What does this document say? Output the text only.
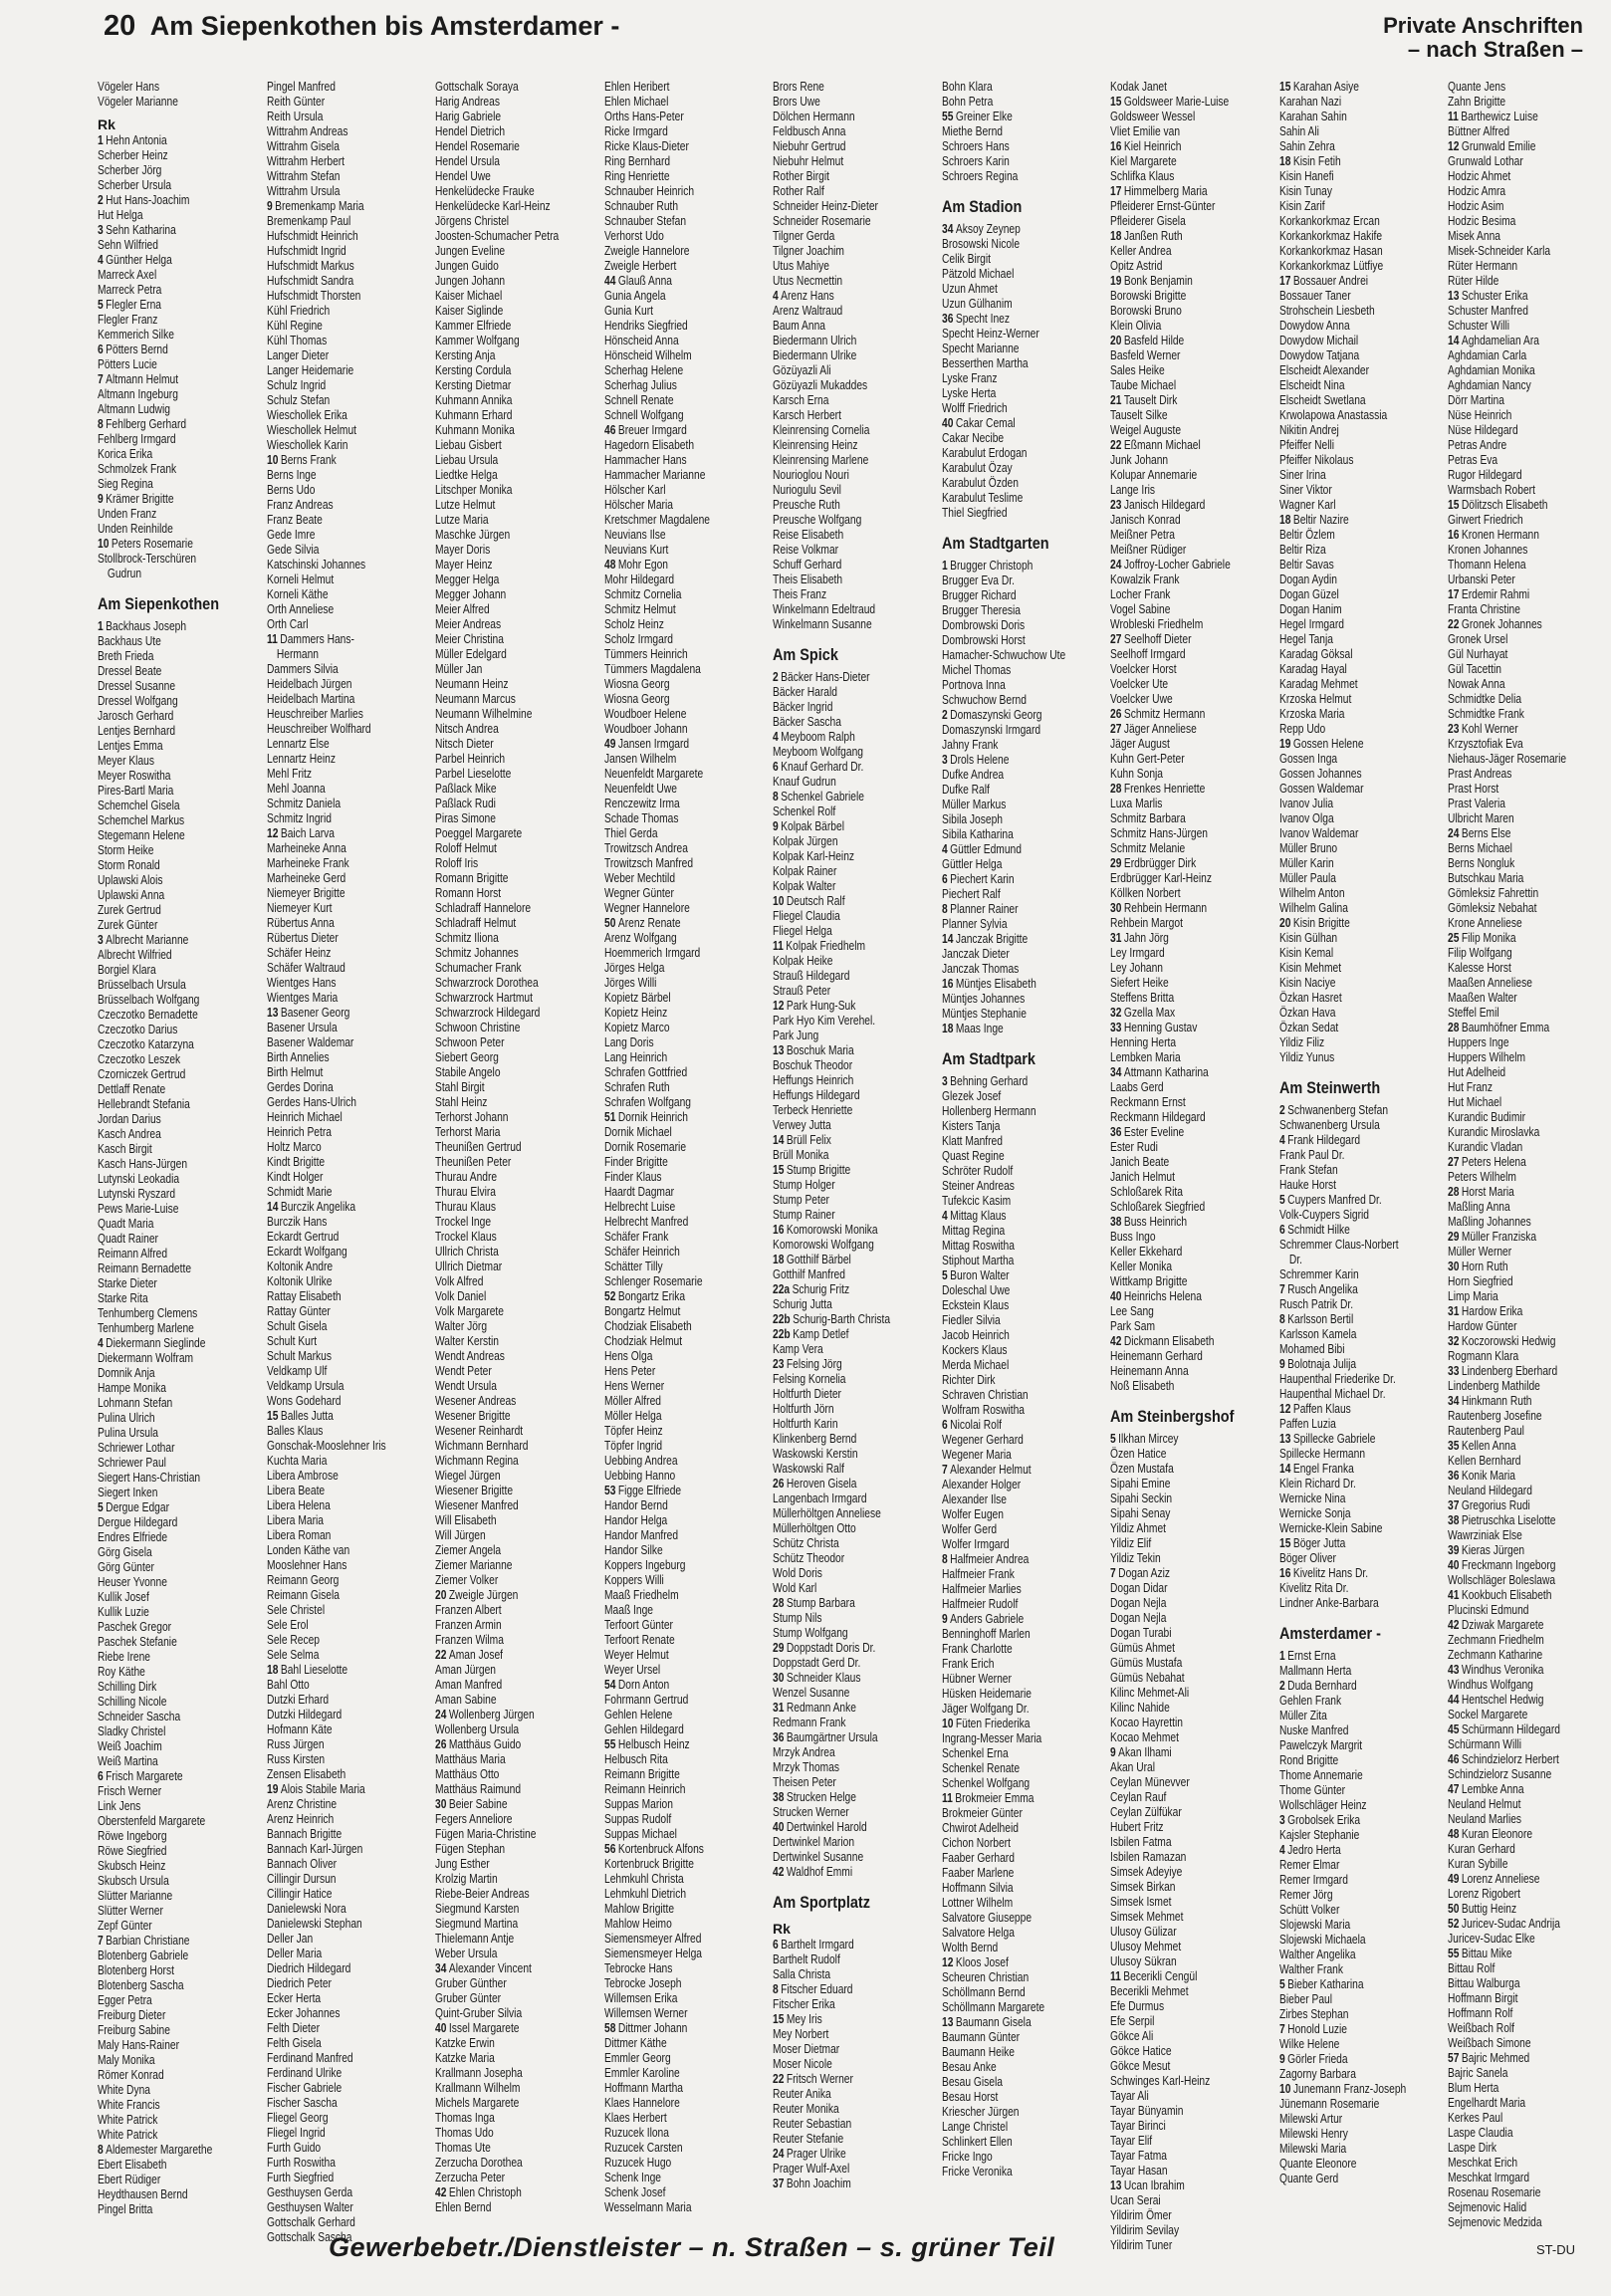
20 Am Siepenkothen bis Amsterdamer -	Private Anschriften
– nach Straßen –
Vögeler Hans
Vögeler Marianne
Rk
1 Hehn Antonia
Scherber Heinz
Scherber Jörg
Scherber Ursula
2 Hut Hans-Joachim
Hut Helga
3 Sehn Katharina
Sehn Wilfried
4 Günther Helga
Marreck Axel
Marreck Petra
5 Flegler Erna
Flegler Franz
Kemmerich Silke
6 Pötters Bernd
Pötters Lucie
7 Altmann Helmut
Altmann Ingeburg
Altmann Ludwig
8 Fehlberg Gerhard
Fehlberg Irmgard
Korica Erika
Schmolzek Frank
Sieg Regina
9 Krämer Brigitte
Unden Franz
Unden Reinhilde
10 Peters Rosemarie
Stollbrock-Terschüren
Gudrun
Am Siepenkothen
1 Backhaus Joseph
Backhaus Ute
Breth Frieda
Dressel Beate
Dressel Susanne
Dressel Wolfgang
Jarosch Gerhard
Lentjes Bernhard
Lentjes Emma
Meyer Klaus
Meyer Roswitha
Pires-Bartl Maria
Schemchel Gisela
Schemchel Markus
Stegemann Helene
Storm Heike
Storm Ronald
Uplawski Alois
Uplawski Anna
Zurek Gertrud
Zurek Günter
3 Albrecht Marianne
Albrecht Wilfried
Borgiel Klara
Brüsselbach Ursula
Brüsselbach Wolfgang
Czeczotko Bernadette
Czeczotko Darius
Czeczotko Katarzyna
Czeczotko Leszek
Czorniczek Gertrud
Dettlaff Renate
Hellebrandt Stefania
Jordan Darius
Kasch Andrea
Kasch Birgit
Kasch Hans-Jürgen
Lutynski Leokadia
Lutynski Ryszard
Pews Marie-Luise
Quadt Maria
Quadt Rainer
Reimann Alfred
Reimann Bernadette
Starke Dieter
Starke Rita
Tenhumberg Clemens
Tenhumberg Marlene
4 Diekermann Sieglinde
Diekermann Wolfram
Domnik Anja
Hampe Monika
Lohmann Stefan
Pulina Ulrich
Pulina Ursula
Schriewer Lothar
Schriewer Paul
Siegert Hans-Christian
Siegert Inken
5 Dergue Edgar
Dergue Hildegard
Endres Elfriede
Görg Gisela
Görg Günter
Heuser Yvonne
Kullik Josef
Kullik Luzie
Paschek Gregor
Paschek Stefanie
Riebe Irene
Roy Käthe
Schilling Dirk
Schilling Nicole
Schneider Sascha
Sladky Christel
Weiß Joachim
Weiß Martina
6 Frisch Margarete
Frisch Werner
Link Jens
Oberstenfeld Margarete
Röwe Ingeborg
Röwe Siegfried
Skubsch Heinz
Skubsch Ursula
Slütter Marianne
Slütter Werner
Zepf Günter
7 Barbian Christiane
Blotenberg Gabriele
Blotenberg Horst
Blotenberg Sascha
Egger Petra
Freiburg Dieter
Freiburg Sabine
Maly Hans-Rainer
Maly Monika
Römer Konrad
White Dyna
White Francis
White Patrick
White Patrick
8 Aldemester Margarethe
Ebert Elisabeth
Ebert Rüdiger
Heydthausen Bernd
Pingel Britta
Pingel Manfred
Reith Günter
Reith Ursula
Wittrahm Andreas
Wittrahm Gisela
Wittrahm Herbert
Wittrahm Stefan
Wittrahm Ursula
9 Bremenkamp Maria
Bremenkamp Paul
Hufschmidt Heinrich
Hufschmidt Ingrid
Hufschmidt Markus
Hufschmidt Sandra
Hufschmidt Thorsten
Kühl Friedrich
Kühl Regine
Kühl Thomas
Langer Dieter
Langer Heidemarie
Schulz Ingrid
Schulz Stefan
Wieschollek Erika
Wieschollek Helmut
Wieschollek Karin
10 Berns Frank
Berns Inge
Berns Udo
Franz Andreas
Franz Beate
Gede Imre
Gede Silvia
Katschinski Johannes
Korneli Helmut
Korneli Käthe
Orth Anneliese
Orth Carl
11 Dammers Hans-
Hermann
Dammers Silvia
Heidelbach Jürgen
Heidelbach Martina
Heuschreiber Marlies
Heuschreiber Wolfhard
Lennartz Else
Lennartz Heinz
Mehl Fritz
Mehl Joanna
Schmitz Daniela
Schmitz Ingrid
12 Baich Larva
Marheineke Anna
Marheineke Frank
Marheineke Gerd
Niemeyer Brigitte
Niemeyer Kurt
Rübertus Anna
Rübertus Dieter
Schäfer Heinz
Schäfer Waltraud
Wientges Hans
Wientges Maria
13 Basener Georg
Basener Ursula
Basener Waldemar
Birth Annelies
Birth Helmut
Gerdes Dorina
Gerdes Hans-Ulrich
Heinrich Michael
Heinrich Petra
Holtz Marco
Kindt Brigitte
Kindt Holger
Schmidt Marie
14 Burczik Angelika
Burczik Hans
Eckardt Gertrud
Eckardt Wolfgang
Koltonik Andre
Koltonik Ulrike
Rattay Elisabeth
Rattay Günter
Schult Gisela
Schult Kurt
Schult Markus
Veldkamp Ulf
Veldkamp Ursula
Wons Godehard
15 Balles Jutta
Balles Klaus
Gonschak-Mooslehner Iris
Kuchta Maria
Libera Ambrose
Libera Beate
Libera Helena
Libera Maria
Libera Roman
Londen Käthe van
Mooslehner Hans
Reimann Georg
Reimann Gisela
Sele Christel
Sele Erol
Sele Recep
Sele Selma
18 Bahl Lieselotte
Bahl Otto
Dutzki Erhard
Dutzki Hildegard
Hofmann Käte
Russ Jürgen
Russ Kirsten
Zensen Elisabeth
19 Alois Stabile Maria
Arenz Christine
Arenz Heinrich
Bannach Brigitte
Bannach Karl-Jürgen
Bannach Oliver
Cillingir Dursun
Cillingir Hatice
Danielewski Nora
Danielewski Stephan
Deller Jan
Deller Maria
Diedrich Hildegard
Diedrich Peter
Ecker Herta
Ecker Johannes
Felth Dieter
Felth Gisela
Ferdinand Manfred
Ferdinand Ulrike
Fischer Gabriele
Fischer Sascha
Fliegel Georg
Fliegel Ingrid
Furth Guido
Furth Roswitha
Furth Siegfried
Gesthuysen Gerda
Gesthuysen Walter
Gottschalk Gerhard
Gottschalk Sascha
Gottschalk Soraya
Harig Andreas
Harig Gabriele
Hendel Dietrich
Hendel Rosemarie
Hendel Ursula
Hendel Uwe
Henkelüdecke Frauke
Henkelüdecke Karl-Heinz
Jörgens Christel
Joosten-Schumacher Petra
Jungen Eveline
Jungen Guido
Jungen Johann
Kaiser Michael
Kaiser Siglinde
Kammer Elfriede
Kammer Wolfgang
Kersting Anja
Kersting Cordula
Kersting Dietmar
Kuhmann Annika
Kuhmann Erhard
Kuhmann Monika
Liebau Gisbert
Liebau Ursula
Liedtke Helga
Litschper Monika
Lutze Helmut
Lutze Maria
Maschke Jürgen
Mayer Doris
Mayer Heinz
Megger Helga
Megger Johann
Meier Alfred
Meier Andreas
Meier Christina
Müller Edelgard
Müller Jan
Neumann Heinz
Neumann Marcus
Neumann Wilhelmine
Nitsch Andrea
Nitsch Dieter
Parbel Heinrich
Parbel Lieselotte
Paßlack Mike
Paßlack Rudi
Piras Simone
Poeggel Margarete
Roloff Helmut
Roloff Iris
Romann Brigitte
Romann Horst
Schladraff Hannelore
Schladraff Helmut
Schmitz Iliona
Schmitz Johannes
Schumacher Frank
Schwarzrock Dorothea
Schwarzrock Hartmut
Schwarzrock Hildegard
Schwoon Christine
Schwoon Peter
Siebert Georg
Stabile Angelo
Stahl Birgit
Stahl Heinz
Terhorst Johann
Terhorst Maria
Theunißen Gertrud
Theunißen Peter
Thurau Andre
Thurau Elvira
Thurau Klaus
Trockel Inge
Trockel Klaus
Ullrich Christa
Ullrich Dietmar
Volk Alfred
Volk Daniel
Volk Margarete
Walter Jörg
Walter Kerstin
Wendt Andreas
Wendt Peter
Wendt Ursula
Wesener Andreas
Wesener Brigitte
Wesener Reinhardt
Wichmann Bernhard
Wichmann Regina
Wiegel Jürgen
Wiesener Brigitte
Wiesener Manfred
Will Elisabeth
Will Jürgen
Ziemer Angela
Ziemer Marianne
Ziemer Volker
20 Zweigle Jürgen
Franzen Albert
Franzen Armin
Franzen Wilma
22 Aman Josef
Aman Jürgen
Aman Manfred
Aman Sabine
24 Wollenberg Jürgen
Wollenberg Ursula
26 Matthäus Guido
Matthäus Maria
Matthäus Otto
Matthäus Raimund
30 Beier Sabine
Fegers Anneliore
Fügen Maria-Christine
Fügen Stephan
Jung Esther
Krolzig Martin
Riebe-Beier Andreas
Siegmund Karsten
Siegmund Martina
Thielemann Antje
Weber Ursula
34 Alexander Vincent
Gruber Günther
Gruber Günter
Quint-Gruber Silvia
40 Issel Margarete
Katzke Erwin
Katzke Maria
Krallmann Josepha
Krallmann Wilhelm
Michels Margarete
Thomas Inga
Thomas Udo
Thomas Ute
Zerzucha Dorothea
Zerzucha Peter
42 Ehlen Christoph
Ehlen Bernd
Ehlen Heribert
Ehlen Michael
Orths Hans-Peter
Ricke Irmgard
Ricke Klaus-Dieter
Ring Bernhard
Ring Henriette
Schnauber Heinrich
Schnauber Ruth
Schnauber Stefan
Verhorst Udo
Zweigle Hannelore
Zweigle Herbert
44 Glauß Anna
Gunia Angela
Gunia Kurt
Hendriks Siegfried
Hönscheid Anna
Hönscheid Wilhelm
Scherhag Helene
Scherhag Julius
Schnell Renate
Schnell Wolfgang
46 Breuer Irmgard
Hagedorn Elisabeth
Hammacher Hans
Hammacher Marianne
Hölscher Karl
Hölscher Maria
Kretschmer Magdalene
Neuvians Ilse
Neuvians Kurt
48 Mohr Egon
Mohr Hildegard
Schmitz Cornelia
Schmitz Helmut
Scholz Heinz
Scholz Irmgard
Tümmers Heinrich
Tümmers Magdalena
Wiosna Georg
Wiosna Georg
Woudboer Helene
Woudboer Johann
49 Jansen Irmgard
Jansen Wilhelm
Neuenfeldt Margarete
Neuenfeldt Uwe
Renczewitz Irma
Schade Thomas
Thiel Gerda
Trowitzsch Andrea
Trowitzsch Manfred
Weber Mechtild
Wegner Günter
Wegner Hannelore
50 Arenz Renate
Arenz Wolfgang
Hoemmerich Irmgard
Jörges Helga
Jörges Willi
Kopietz Bärbel
Kopietz Heinz
Kopietz Marco
Lang Doris
Lang Heinrich
Schrafen Gottfried
Schrafen Ruth
Schrafen Wolfgang
51 Dornik Heinrich
Dornik Michael
Dornik Rosemarie
Finder Brigitte
Finder Klaus
Haardt Dagmar
Helbrecht Luise
Helbrecht Manfred
Schäfer Frank
Schäfer Heinrich
Schätter Tilly
Schlenger Rosemarie
52 Bongartz Erika
Bongartz Helmut
Chodziak Elisabeth
Chodziak Helmut
Hens Olga
Hens Peter
Hens Werner
Möller Alfred
Möller Helga
Töpfer Heinz
Töpfer Ingrid
Uebbing Andrea
Uebbing Hanno
53 Figge Elfriede
Handor Bernd
Handor Helga
Handor Manfred
Handor Silke
Koppers Ingeburg
Koppers Willi
Maaß Friedhelm
Maaß Inge
Terfoort Günter
Terfoort Renate
Weyer Helmut
Weyer Ursel
54 Dorn Anton
Fohrmann Gertrud
Gehlen Helene
Gehlen Hildegard
55 Helbusch Heinz
Helbusch Rita
Reimann Brigitte
Reimann Heinrich
Suppas Marion
Suppas Rudolf
Suppas Michael
56 Kortenbruck Alfons
Kortenbruck Brigitte
Lehmkuhl Christa
Lehmkuhl Dietrich
Mahlow Brigitte
Mahlow Heimo
Siemensmeyer Alfred
Siemensmeyer Helga
Tebrocke Hans
Tebrocke Joseph
Willemsen Erika
Willemsen Werner
58 Dittmer Johann
Dittmer Käthe
Emmler Georg
Emmler Karoline
Hoffmann Martha
Klaes Hannelore
Klaes Herbert
Ruzucek Ilona
Ruzucek Carsten
Ruzucek Hugo
Schenk Inge
Schenk Josef
Wesselmann Maria
Brors Rene
Brors Uwe
Dölchen Hermann
Feldbusch Anna
Niebuhr Gertrud
Niebuhr Helmut
Rother Birgit
Rother Ralf
Schneider Heinz-Dieter
Schneider Rosemarie
Tilgner Gerda
Tilgner Joachim
Utus Mahiye
Utus Necmettin
4 Arenz Hans
Arenz Waltraud
Baum Anna
Biedermann Ulrich
Biedermann Ulrike
Gözüyazli Ali
Gözüyazli Mukaddes
Karsch Erna
Karsch Herbert
Kleinrensing Cornelia
Kleinrensing Heinz
Kleinrensing Marlene
Nourioglou Nouri
Nuriogulu Sevil
Preusche Ruth
Preusche Wolfgang
Reise Elisabeth
Reise Volkmar
Schuff Gerhard
Theis Elisabeth
Theis Franz
Winkelmann Edeltraud
Winkelmann Susanne
Am Spick
2 Bäcker Hans-Dieter
Bäcker Harald
Bäcker Ingrid
Bäcker Sascha
4 Meyboom Ralph
Meyboom Wolfgang
6 Knauf Gerhard Dr.
Knauf Gudrun
8 Schenkel Gabriele
Schenkel Rolf
9 Kolpak Bärbel
Kolpak Jürgen
Kolpak Karl-Heinz
Kolpak Rainer
Kolpak Walter
10 Deutsch Ralf
Fliegel Claudia
Fliegel Helga
11 Kolpak Friedhelm
Kolpak Heike
Strauß Hildegard
Strauß Peter
12 Park Hung-Suk
Park Hyo Kim Verehel.
Park Jung
13 Boschuk Maria
Boschuk Theodor
Heffungs Heinrich
Heffungs Hildegard
Terbeck Henriette
Verwey Jutta
14 Brüll Felix
Brüll Monika
15 Stump Brigitte
Stump Holger
Stump Peter
Stump Rainer
16 Komorowski Monika
Komorowski Wolfgang
18 Gotthilf Bärbel
Gotthilf Manfred
22a Schurig Fritz
Schurig Jutta
22b Schurig-Barth Christa
22b Kamp Detlef
Kamp Vera
23 Felsing Jörg
Felsing Kornelia
Holtfurth Dieter
Holtfurth Jörn
Holtfurth Karin
Klinkenberg Bernd
Waskowski Kerstin
Waskowski Ralf
26 Heroven Gisela
Langenbach Irmgard
Müllerhöltgen Anneliese
Müllerhöltgen Otto
Schütz Christa
Schütz Theodor
Wold Doris
Wold Karl
28 Stump Barbara
Stump Nils
Stump Wolfgang
29 Doppstadt Doris Dr.
Doppstadt Gerd Dr.
30 Schneider Klaus
Wenzel Susanne
31 Redmann Anke
Redmann Frank
36 Baumgärtner Ursula
Mrzyk Andrea
Mrzyk Thomas
Theisen Peter
38 Strucken Helge
Strucken Werner
40 Dertwinkel Harold
Dertwinkel Marion
Dertwinkel Susanne
42 Waldhof Emmi
Am Sportplatz
Rk
6 Barthelt Irmgard
Barthelt Rudolf
Salla Christa
8 Fitscher Eduard
Fitscher Erika
15 Mey Iris
Mey Norbert
Moser Dietmar
Moser Nicole
22 Fritsch Werner
Reuter Anika
Reuter Monika
Reuter Sebastian
Reuter Stefanie
24 Prager Ulrike
Prager Wulf-Axel
37 Bohn Joachim
Bohn Klara
Bohn Petra
55 Greiner Elke
Miethe Bernd
Schroers Hans
Schroers Karin
Schroers Regina
Am Stadion
34 Aksoy Zeynep
Brosowski Nicole
Celik Birgit
Pätzold Michael
Uzun Ahmet
Uzun Gülhanim
36 Specht Inez
Specht Heinz-Werner
Specht Marianne
Besserthen Martha
Lyske Franz
Lyske Herta
Wolff Friedrich
40 Cakar Cemal
Cakar Necibe
Karabulut Erdogan
Karabulut Özay
Karabulut Özden
Karabulut Teslime
Thiel Siegfried
Am Stadtgarten
1 Brugger Christoph
Brugger Eva Dr.
Brugger Richard
Brugger Theresia
Dombrowski Doris
Dombrowski Horst
Hamacher-Schwuchow Ute
Michel Thomas
Portnova Inna
Schwuchow Bernd
2 Domaszynski Georg
Domaszynski Irmgard
Jahny Frank
3 Drols Helene
Dufke Andrea
Dufke Ralf
Müller Markus
Sibila Joseph
Sibila Katharina
4 Güttler Edmund
Güttler Helga
6 Piechert Karin
Piechert Ralf
8 Planner Rainer
Planner Sylvia
14 Janczak Brigitte
Janczak Dieter
Janczak Thomas
16 Müntjes Elisabeth
Müntjes Johannes
Müntjes Stephanie
18 Maas Inge
Am Stadtpark
3 Behning Gerhard
Glezek Josef
Hollenberg Hermann
Kisters Tanja
Klatt Manfred
Quast Regine
Schröter Rudolf
Steiner Andreas
Tufekcic Kasim
4 Mittag Klaus
Mittag Regina
Mittag Roswitha
Stiphout Martha
5 Buron Walter
Doleschal Uwe
Eckstein Klaus
Fiedler Silvia
Jacob Heinrich
Kockers Klaus
Merda Michael
Richter Dirk
Schraven Christian
Wolfram Roswitha
6 Nicolai Rolf
Wegener Gerhard
Wegener Maria
7 Alexander Helmut
Alexander Holger
Alexander Ilse
Wolfer Eugen
Wolfer Gerd
Wolfer Irmgard
8 Halfmeier Andrea
Halfmeier Frank
Halfmeier Marlies
Halfmeier Rudolf
9 Anders Gabriele
Benninghoff Marlen
Frank Charlotte
Frank Erich
Hübner Werner
Hüsken Heidemarie
Jäger Wolfgang Dr.
10 Füten Friederika
Ingrang-Messer Maria
Schenkel Erna
Schenkel Renate
Schenkel Wolfgang
11 Brokmeier Emma
Brokmeier Günter
Chwirot Adelheid
Cichon Norbert
Faaber Gerhard
Faaber Marlene
Hoffmann Silvia
Lottner Wilhelm
Salvatore Giuseppe
Salvatore Helga
Wolth Bernd
12 Kloos Josef
Scheuren Christian
Schöllmann Bernd
Schöllmann Margarete
13 Baumann Gisela
Baumann Günter
Baumann Heike
Besau Anke
Besau Gisela
Besau Horst
Kriescher Jürgen
Lange Christel
Schlinkert Ellen
Fricke Ingo
Fricke Veronika
Kodak Janet
15 Goldsweer Marie-Luise
Goldsweer Wessel
Vliet Emilie van
16 Kiel Heinrich
Kiel Margarete
Schlifka Klaus
17 Himmelberg Maria
Pfleiderer Ernst-Günter
Pfleiderer Gisela
18 Janßen Ruth
Keller Andrea
Opitz Astrid
19 Bonk Benjamin
Borowski Brigitte
Borowski Bruno
Klein Olivia
20 Basfeld Hilde
Basfeld Werner
Sales Heike
Taube Michael
21 Tauselt Dirk
Tauselt Silke
Weigel Auguste
22 Eßmann Michael
Junk Johann
Kolupar Annemarie
Lange Iris
23 Janisch Hildegard
Janisch Konrad
Meißner Petra
Meißner Rüdiger
24 Joffroy-Locher Gabriele
Kowalzik Frank
Locher Frank
Vogel Sabine
Wrobleski Friedhelm
27 Seelhoff Dieter
Seelhoff Irmgard
Voelcker Horst
Voelcker Ute
Voelcker Uwe
26 Schmitz Hermann
27 Jäger Anneliese
Jäger August
Kuhn Gert-Peter
Kuhn Sonja
28 Frenkes Henriette
Luxa Marlis
Schmitz Barbara
Schmitz Hans-Jürgen
Schmitz Melanie
29 Erdbrügger Dirk
Erdbrügger Karl-Heinz
Köllken Norbert
30 Rehbein Hermann
Rehbein Margot
31 Jahn Jörg
Ley Irmgard
Ley Johann
Siefert Heike
Steffens Britta
32 Gzella Max
33 Henning Gustav
Henning Herta
Lembken Maria
34 Attmann Katharina
Laabs Gerd
Reckmann Ernst
Reckmann Hildegard
36 Ester Eveline
Ester Rudi
Janich Beate
Janich Helmut
Schloßarek Rita
Schloßarek Siegfried
38 Buss Heinrich
Buss Ingo
Keller Ekkehard
Keller Monika
Wittkamp Brigitte
40 Heinrichs Helena
Lee Sang
Park Sam
42 Dickmann Elisabeth
Heinemann Gerhard
Heinemann Anna
Noß Elisabeth
Am Steinbergshof
5 Ilkhan Mircey
Özen Hatice
Özen Mustafa
Sipahi Emine
Sipahi Seckin
Sipahi Senay
Yildiz Ahmet
Yildiz Elif
Yildiz Tekin
7 Dogan Aziz
Dogan Didar
Dogan Nejla
Dogan Nejla
Dogan Turabi
Gümüs Ahmet
Gümüs Mustafa
Gümüs Nebahat
Kilinc Mehmet-Ali
Kilinc Nahide
Kocao Hayrettin
Kocao Mehmet
9 Akan Ilhami
Akan Ural
Ceylan Münevver
Ceylan Rauf
Ceylan Zülfükar
Hubert Fritz
Isbilen Fatma
Isbilen Ramazan
Simsek Adeyiye
Simsek Birkan
Simsek Ismet
Simsek Mehmet
Ulusoy Gülizar
Ulusoy Mehmet
Ulusoy Sükran
11 Becerikli Cengül
Becerikli Mehmet
Efe Durmus
Efe Serpil
Gökce Ali
Gökce Hatice
Gökce Mesut
Schwinges Karl-Heinz
Tayar Ali
Tayar Bünyamin
Tayar Birinci
Tayar Elif
Tayar Fatma
Tayar Hasan
13 Ucan Ibrahim
Ucan Serai
Yildirim Ömer
Yildirim Sevilay
Yildirim Tuner
15 Karahan Asiye
Karahan Nazi
Karahan Sahin
Sahin Ali
Sahin Zehra
18 Kisin Fetih
Kisin Hanefi
Kisin Tunay
Kisin Zarif
Korkankorkmaz Ercan
Korkankorkmaz Hakife
Korkankorkmaz Hasan
Korkankorkmaz Lütfiye
17 Bossauer Andrei
Bossauer Taner
Strohschein Liesbeth
Dowydow Anna
Dowydow Michail
Dowydow Tatjana
Elscheidt Alexander
Elscheidt Nina
Elscheidt Swetlana
Krwolapowa Anastassia
Nikitin Andrej
Pfeiffer Nelli
Pfeiffer Nikolaus
Siner Irina
Siner Viktor
Wagner Karl
18 Beltir Nazire
Beltir Özlem
Beltir Riza
Beltir Savas
Dogan Aydin
Dogan Güzel
Dogan Hanim
Hegel Irmgard
Hegel Tanja
Karadag Göksal
Karadag Hayal
Karadag Mehmet
Krzoska Helmut
Krzoska Maria
Repp Udo
19 Gossen Helene
Gossen Inga
Gossen Johannes
Gossen Waldemar
Ivanov Julia
Ivanov Olga
Ivanov Waldemar
Müller Bruno
Müller Karin
Müller Paula
Wilhelm Anton
Wilhelm Galina
20 Kisin Brigitte
Kisin Gülhan
Kisin Kemal
Kisin Mehmet
Kisin Naciye
Özkan Hasret
Özkan Hava
Özkan Sedat
Yildiz Filiz
Yildiz Yunus
Am Steinwerth
2 Schwanenberg Stefan
Schwanenberg Ursula
4 Frank Hildegard
Frank Paul Dr.
Frank Stefan
Hauke Horst
5 Cuypers Manfred Dr.
Volk-Cuypers Sigrid
6 Schmidt Hilke
Schremmer Claus-Norbert
Dr.
Schremmer Karin
7 Rusch Angelika
Rusch Patrik Dr.
8 Karlsson Bertil
Karlsson Kamela
Mohamed Bibi
9 Bolotnaja Julija
Haupenthal Friederike Dr.
Haupenthal Michael Dr.
12 Paffen Klaus
Paffen Luzia
13 Spillecke Gabriele
Spillecke Hermann
14 Engel Franka
Klein Richard Dr.
Wernicke Nina
Wernicke Sonja
Wernicke-Klein Sabine
15 Böger Jutta
Böger Oliver
16 Kivelitz Hans Dr.
Kivelitz Rita Dr.
Lindner Anke-Barbara
Amsterdamer -
1 Ernst Erna
Mallmann Herta
2 Duda Bernhard
Gehlen Frank
Müller Zita
Nuske Manfred
Pawelczyk Margrit
Rond Brigitte
Thome Annemarie
Thome Günter
Wollschläger Heinz
3 Grobolsek Erika
Kajsler Stephanie
4 Jedro Herta
Remer Elmar
Remer Irmgard
Remer Jörg
Schütt Volker
Slojewski Maria
Slojewski Michaela
Walther Angelika
Walther Frank
5 Bieber Katharina
Bieber Paul
Zirbes Stephan
7 Honold Luzie
Wilke Helene
9 Görler Frieda
Zagorny Barbara
10 Junemann Franz-Joseph
Jünemann Rosemarie
Milewski Artur
Milewski Henry
Milewski Maria
Quante Eleonore
Quante Gerd
Quante Jens
Zahn Brigitte
11 Barthewicz Luise
Büttner Alfred
12 Grunwald Emilie
Grunwald Lothar
Hodzic Ahmet
Hodzic Amra
Hodzic Asim
Hodzic Besima
Misek Anna
Misek-Schneider Karla
Rüter Hermann
Rüter Hilde
13 Schuster Erika
Schuster Manfred
Schuster Willi
14 Aghdamelian Ara
Aghdamian Carla
Aghdamian Monika
Aghdamian Nancy
Dörr Martina
Nüse Heinrich
Nüse Hildegard
Petras Andre
Petras Eva
Rugor Hildegard
Warmsbach Robert
15 Dölitzsch Elisabeth
Girwert Friedrich
16 Kronen Hermann
Kronen Johannes
Thomann Helena
Urbanski Peter
17 Erdemir Rahmi
Franta Christine
22 Gronek Johannes
Gronek Ursel
Gül Nurhayat
Gül Tacettin
Nowak Anna
Schmidtke Delia
Schmidtke Frank
23 Kohl Werner
Krzysztofiak Eva
Niehaus-Jäger Rosemarie
Prast Andreas
Prast Horst
Prast Valeria
Ulbricht Maren
24 Berns Else
Berns Michael
Berns Nongluk
Butschkau Maria
Gömleksiz Fahrettin
Gömleksiz Nebahat
Krone Anneliese
25 Filip Monika
Filip Wolfgang
Kalesse Horst
Maaßen Anneliese
Maaßen Walter
Steffel Emil
28 Baumhöfner Emma
Huppers Inge
Huppers Wilhelm
Hut Adelheid
Hut Franz
Hut Michael
Kurandic Budimir
Kurandic Miroslavka
Kurandic Vladan
27 Peters Helena
Peters Wilhelm
28 Horst Maria
Maßling Anna
Maßling Johannes
29 Müller Franziska
Müller Werner
30 Horn Ruth
Horn Siegfried
Limp Maria
31 Hardow Erika
Hardow Günter
32 Koczorowski Hedwig
Rogmann Klara
33 Lindenberg Eberhard
Lindenberg Mathilde
34 Hinkmann Ruth
Rautenberg Josefine
Rautenberg Paul
35 Kellen Anna
Kellen Bernhard
36 Konik Maria
Neuland Hildegard
37 Gregorius Rudi
38 Pietruschka Liselotte
Wawrziniak Else
39 Kieras Jürgen
40 Freckmann Ingeborg
Wollschläger Boleslawa
41 Kookbuch Elisabeth
Plucinski Edmund
42 Dziwak Margarete
Zechmann Friedhelm
Zechmann Katharine
43 Windhus Veronika
Windhus Wolfgang
44 Hentschel Hedwig
Sockel Margarete
45 Schürmann Hildegard
Schürmann Willi
46 Schindzielorz Herbert
Schindzielorz Susanne
47 Lembke Anna
Neuland Helmut
Neuland Marlies
48 Kuran Eleonore
Kuran Gerhard
Kuran Sybille
49 Lorenz Anneliese
Lorenz Rigobert
50 Buttig Heinz
52 Juricev-Sudac Andrija
Juricev-Sudac Elke
55 Bittau Mike
Bittau Rolf
Bittau Walburga
Hoffmann Birgit
Hoffmann Rolf
Weißbach Rolf
Weißbach Simone
57 Bajric Mehmed
Bajric Sanela
Blum Herta
Engelhardt Maria
Kerkes Paul
Laspe Claudia
Laspe Dirk
Meschkat Erich
Meschkat Irmgard
Rosenau Rosemarie
Sejmenovic Halid
Sejmenovic Medzida
Gewerbebetr./Dienstleister – n. Straßen – s. grüner Teil	ST-DU
